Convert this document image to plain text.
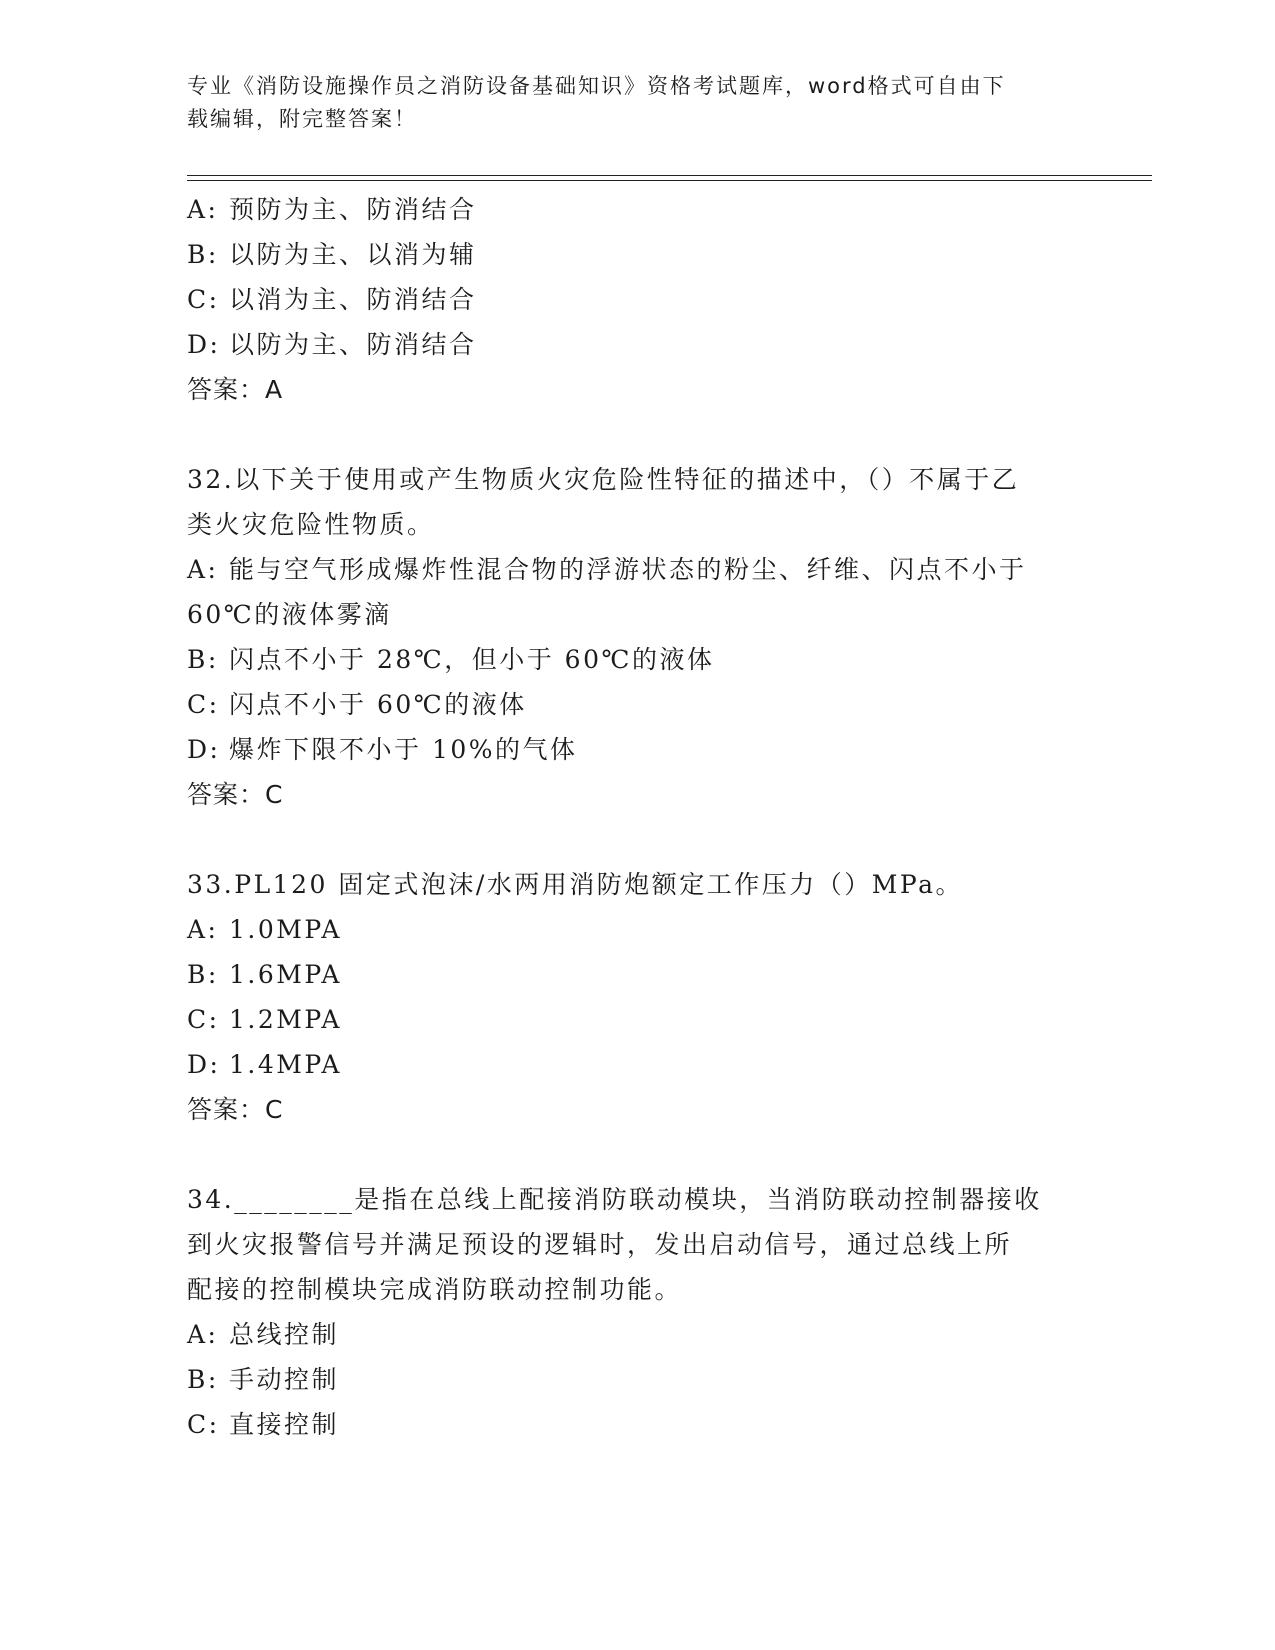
专业《消防设施操作员之消防设备基础知识》资格考试题库，word格式可自由下
载编辑，附完整答案！
A: 预防为主、防消结合
B: 以防为主、以消为辅
C: 以消为主、防消结合
D: 以防为主、防消结合
答案：A
32.以下关于使用或产生物质火灾危险性特征的描述中，（）不属于乙
类火灾危险性物质。
A: 能与空气形成爆炸性混合物的浮游状态的粉尘、纤维、闪点不小于
60℃的液体雾滴
B: 闪点不小于 28℃，但小于 60℃的液体
C: 闪点不小于 60℃的液体
D: 爆炸下限不小于 10%的气体
答案：C
33.PL120 固定式泡沫/水两用消防炮额定工作压力（）MPa。
A: 1.0MPA
B: 1.6MPA
C: 1.2MPA
D: 1.4MPA
答案：C
34.________是指在总线上配接消防联动模块，当消防联动控制器接收
到火灾报警信号并满足预设的逻辑时，发出启动信号，通过总线上所
配接的控制模块完成消防联动控制功能。
A: 总线控制
B: 手动控制
C: 直接控制
